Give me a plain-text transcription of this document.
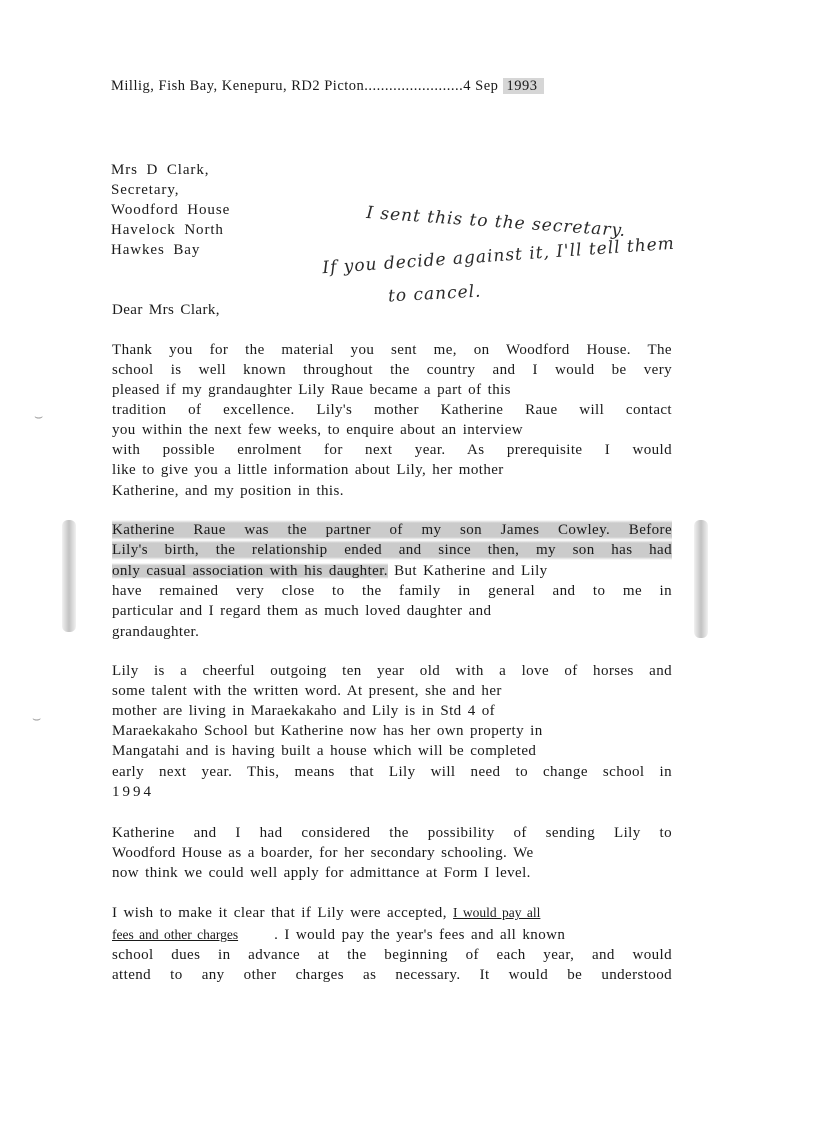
⌣
⌣
Millig, Fish Bay, Kenepuru, RD2 Picton........................4 Sep 1993
Mrs D Clark,
Secretary,
Woodford House
Havelock North
Hawkes Bay
I sent this to the secretary.
If you decide against it, I'll tell them
to cancel.
Dear Mrs Clark,
Thank you for the material you sent me, on Woodford House. The
school is well known throughout the country and I would be very
pleased if my grandaughter Lily Raue became a part of this
tradition of excellence. Lily's mother Katherine Raue will contact
you within the next few weeks, to enquire about an interview
with possible enrolment for next year. As prerequisite I would
like to give you a little information about Lily, her mother
Katherine, and my position in this.
Katherine Raue was the partner of my son James Cowley. Before
Lily's birth, the relationship ended and since then, my son has had
only casual association with his daughter. But Katherine and Lily
have remained very close to the family in general and to me in
particular and I regard them as much loved daughter and
grandaughter.
Lily is a cheerful outgoing ten year old with a love of horses and
some talent with the written word. At present, she and her
mother are living in Maraekakaho and Lily is in Std 4 of
Maraekakaho School but Katherine now has her own property in
Mangatahi and is having built a house which will be completed
early next year. This, means that Lily will need to change school in
1994
Katherine and I had considered the possibility of sending Lily to
Woodford House as a boarder, for her secondary schooling. We
now think we could well apply for admittance at Form I level.
I wish to make it clear that if Lily were accepted, I would pay all
fees and other charges . I would pay the year's fees and all known
school dues in advance at the beginning of each year, and would
attend to any other charges as necessary. It would be understood
